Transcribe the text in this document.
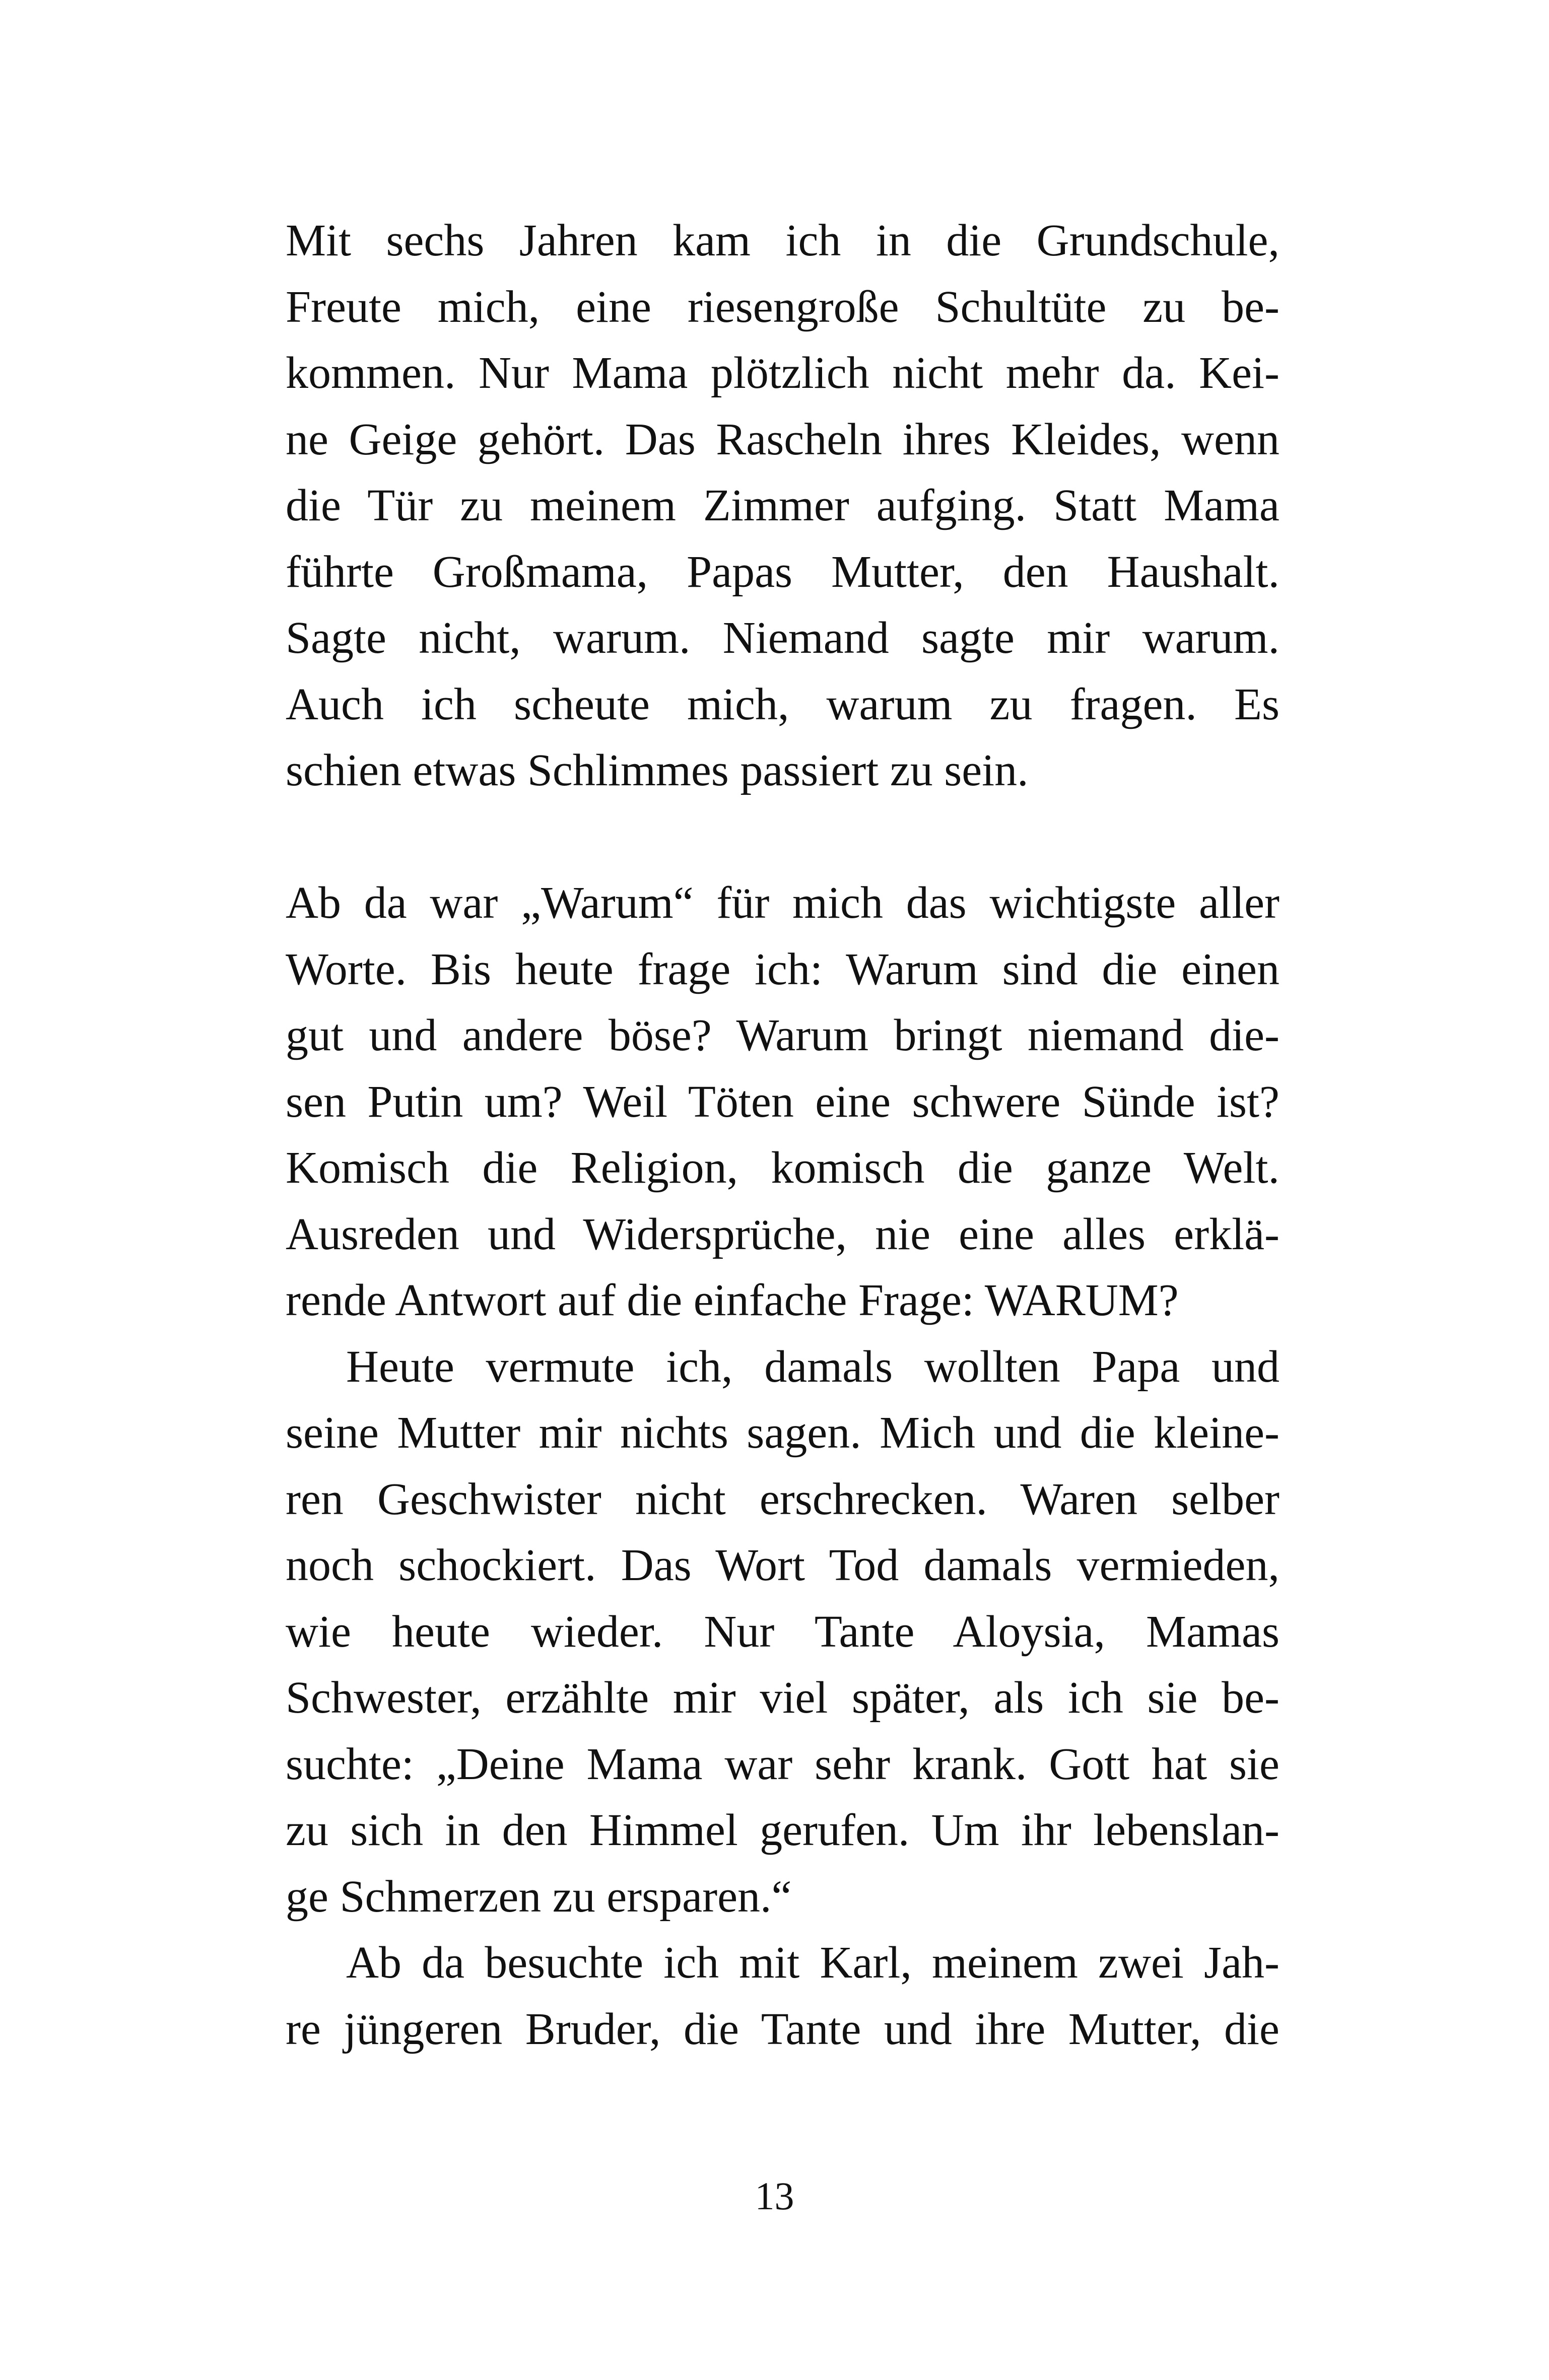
Mit sechs Jahren kam ich in die Grundschule,
Freute mich, eine riesengroße Schultüte zu be-
kommen. Nur Mama plötzlich nicht mehr da. Kei-
ne Geige gehört. Das Rascheln ihres Kleides, wenn
die Tür zu meinem Zimmer aufging. Statt Mama
führte Großmama, Papas Mutter, den Haushalt.
Sagte nicht, warum. Niemand sagte mir warum.
Auch ich scheute mich, warum zu fragen. Es
schien etwas Schlimmes passiert zu sein.
Ab da war „Warum“ für mich das wichtigste aller
Worte. Bis heute frage ich: Warum sind die einen
gut und andere böse? Warum bringt niemand die-
sen Putin um? Weil Töten eine schwere Sünde ist?
Komisch die Religion, komisch die ganze Welt.
Ausreden und Widersprüche, nie eine alles erklä-
rende Antwort auf die einfache Frage: WARUM?
Heute vermute ich, damals wollten Papa und
seine Mutter mir nichts sagen. Mich und die kleine-
ren Geschwister nicht erschrecken. Waren selber
noch schockiert. Das Wort Tod damals vermieden,
wie heute wieder. Nur Tante Aloysia, Mamas
Schwester, erzählte mir viel später, als ich sie be-
suchte: „Deine Mama war sehr krank. Gott hat sie
zu sich in den Himmel gerufen. Um ihr lebenslan-
ge Schmerzen zu ersparen.“
Ab da besuchte ich mit Karl, meinem zwei Jah-
re jüngeren Bruder, die Tante und ihre Mutter, die
13
